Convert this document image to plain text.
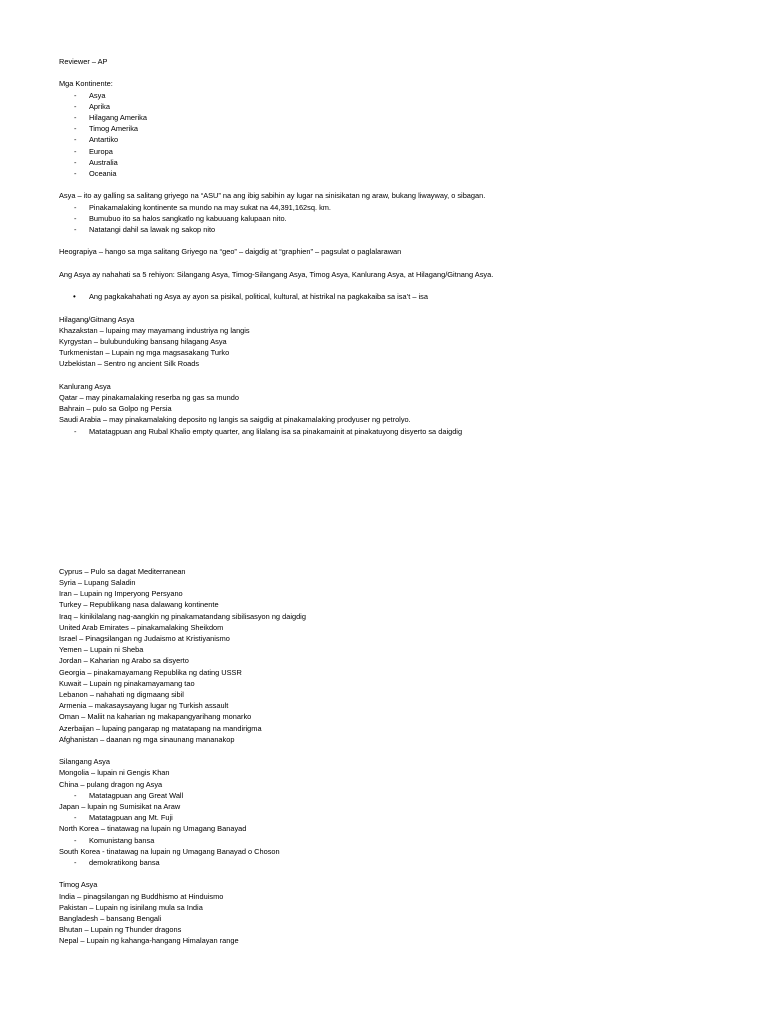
Reviewer – AP
Mga Kontinente:
- Asya
- Aprika
- Hilagang Amerika
- Timog Amerika
- Antartiko
- Europa
- Australia
- Oceania
Asya – ito ay galling sa salitang griyego na “ASU” na ang ibig sabihin ay lugar na sinisikatan ng araw, bukang liwayway, o sibagan.
- Pinakamalaking kontinente sa mundo na may sukat na 44,391,162sq. km.
- Bumubuo ito sa halos sangkatlo ng kabuuang kalupaan nito.
- Natatangi dahil sa lawak ng sakop nito
Heograpiya – hango sa mga salitang Griyego na “geo” – daigdig at “graphien” – pagsulat o paglalarawan
Ang Asya ay nahahati sa 5 rehiyon: Silangang Asya, Timog-Silangang Asya, Timog Asya, Kanlurang Asya, at Hilagang/Gitnang Asya.
• Ang pagkakahahati ng Asya ay ayon sa pisikal, political, kultural, at histrikal na pagkakaiba sa isa’t – isa
Hilagang/Gitnang Asya
Khazakstan – lupaing may mayamang industriya ng langis
Kyrgystan – bulubunduking bansang hilagang Asya
Turkmenistan – Lupain ng mga magsasakang Turko
Uzbekistan – Sentro ng ancient Silk Roads
Kanlurang Asya
Qatar – may pinakamalaking reserba ng gas sa mundo
Bahrain – pulo sa Golpo ng Persia
Saudi Arabia – may pinakamalaking deposito ng langis sa saigdig at pinakamalaking prodyuser ng petrolyo.
- Matatagpuan ang Rubal Khalio empty quarter, ang lilalang isa sa pinakamainit at pinakatuyong disyerto sa daigdig
Cyprus – Pulo sa dagat Mediterranean
Syria – Lupang Saladin
Iran – Lupain ng Imperyong Persyano
Turkey – Republikang nasa dalawang kontinente
Iraq – kinikilalang nag-aangkin ng pinakamatandang sibilisasyon ng daigdig
United Arab Emirates – pinakamalaking Sheikdom
Israel – Pinagsilangan ng Judaismo at Kristiyanismo
Yemen – Lupain ni Sheba
Jordan – Kaharian ng Arabo sa disyerto
Georgia – pinakamayamang Republika ng dating USSR
Kuwait – Lupain ng pinakamayamang tao
Lebanon – nahahati ng digmaang sibil
Armenia – makasaysayang lugar ng Turkish assault
Oman – Maliit na kaharian ng makapangyarihang monarko
Azerbaijan – lupaing pangarap ng matatapang na mandirigma
Afghanistan – daanan ng mga sinaunang mananakop
Silangang Asya
Mongolia – lupain ni Gengis Khan
China – pulang dragon ng Asya
- Matatagpuan ang Great Wall
Japan – lupain ng Sumisikat na Araw
- Matatagpuan ang Mt. Fuji
North Korea – tinatawag na lupain ng Umagang Banayad
- Komunistang bansa
South Korea - tinatawag na lupain ng Umagang Banayad o Choson
- demokratikong bansa
Timog Asya
India – pinagsilangan ng Buddhismo at Hinduismo
Pakistan – Lupain ng isinilang mula sa India
Bangladesh – bansang Bengali
Bhutan – Lupain ng Thunder dragons
Nepal – Lupain ng kahanga-hangang Himalayan range
